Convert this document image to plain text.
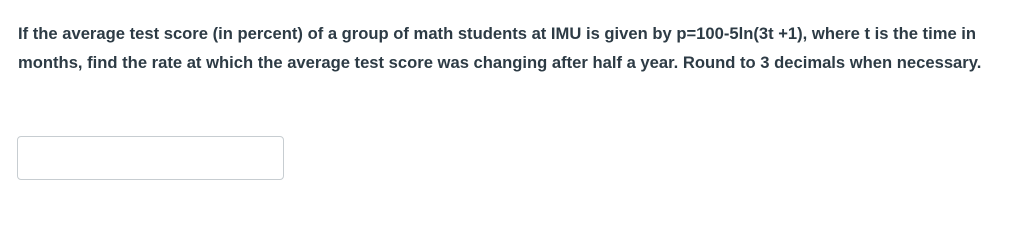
If the average test score (in percent) of a group of math students at IMU is given by p=100-5ln(3t +1), where t is the time in months, find the rate at which the average test score was changing after half a year. Round to 3 decimals when necessary.
